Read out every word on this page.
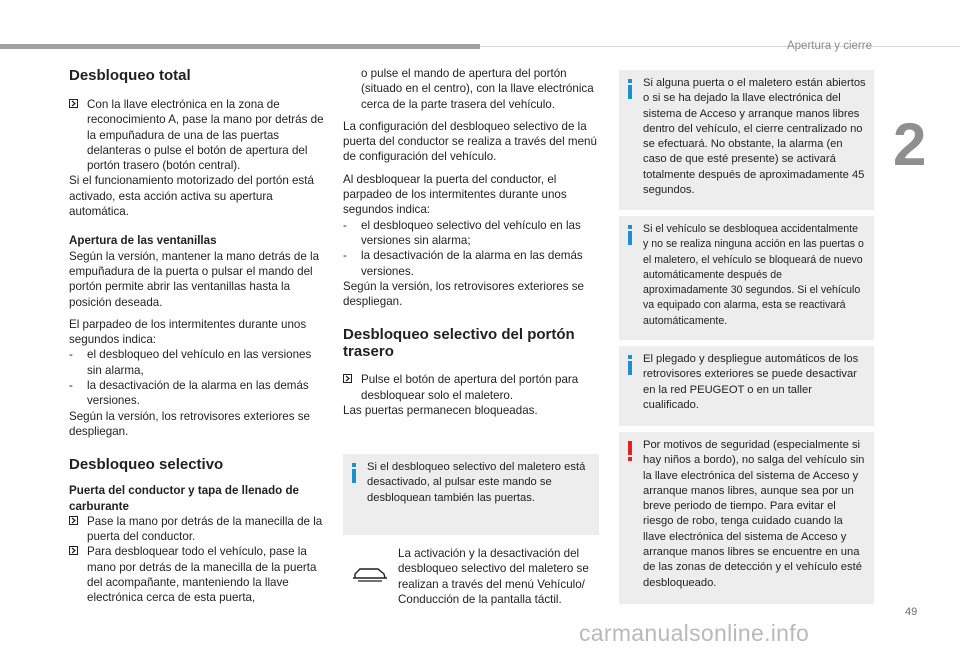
Apertura y cierre
2
Desbloqueo total

Con la llave electrónica en la zona de reconocimiento A, pase la mano por detrás de la empuñadura de una de las puertas delanteras o pulse el botón de apertura del portón trasero (botón central).

Si el funcionamiento motorizado del portón está activado, esta acción activa su apertura automática.

Apertura de las ventanillas

Según la versión, mantener la mano detrás de la empuñadura de la puerta o pulsar el mando del portón permite abrir las ventanillas hasta la posición deseada.

El parpadeo de los intermitentes durante unos segundos indica:

- el desbloqueo del vehículo en las versiones sin alarma,

- la desactivación de la alarma en las demás versiones.

Según la versión, los retrovisores exteriores se despliegan.

Desbloqueo selectivo
Puerta del conductor y tapa de llenado de carburante

Pase la mano por detrás de la manecilla de la puerta del conductor.

Para desbloquear todo el vehículo, pase la mano por detrás de la manecilla de la puerta del acompañante, manteniendo la llave electrónica cerca de esta puerta,

o pulse el mando de apertura del portón (situado en el centro), con la llave electrónica cerca de la parte trasera del vehículo.

La configuración del desbloqueo selectivo de la puerta del conductor se realiza a través del menú de configuración del vehículo.

Al desbloquear la puerta del conductor, el parpadeo de los intermitentes durante unos segundos indica:

- el desbloqueo selectivo del vehículo en las versiones sin alarma;

- la desactivación de la alarma en las demás versiones.

Según la versión, los retrovisores exteriores se despliegan.

Desbloqueo selectivo del portón trasero

Pulse el botón de apertura del portón para desbloquear solo el maletero.

Las puertas permanecen bloqueadas.

Si el desbloqueo selectivo del maletero está desactivado, al pulsar este mando se desbloquean también las puertas.

La activación y la desactivación del desbloqueo selectivo del maletero se realizan a través del menú Vehículo/ Conducción de la pantalla táctil.

Si alguna puerta o el maletero están abiertos o si se ha dejado la llave electrónica del sistema de Acceso y arranque manos libres dentro del vehículo, el cierre centralizado no se efectuará. No obstante, la alarma (en caso de que esté presente) se activará totalmente después de aproximadamente 45 segundos.

Si el vehículo se desbloquea accidentalmente y no se realiza ninguna acción en las puertas o el maletero, el vehículo se bloqueará de nuevo automáticamente después de aproximadamente 30 segundos. Si el vehículo va equipado con alarma, esta se reactivará automáticamente.

El plegado y despliegue automáticos de los retrovisores exteriores se puede desactivar en la red PEUGEOT o en un taller cualificado.

Por motivos de seguridad (especialmente si hay niños a bordo), no salga del vehículo sin la llave electrónica del sistema de Acceso y arranque manos libres, aunque sea por un breve periodo de tiempo. Para evitar el riesgo de robo, tenga cuidado cuando la llave electrónica del sistema de Acceso y arranque manos libres se encuentre en una de las zonas de detección y el vehículo esté desbloqueado.

49
carmanualsonline.info
